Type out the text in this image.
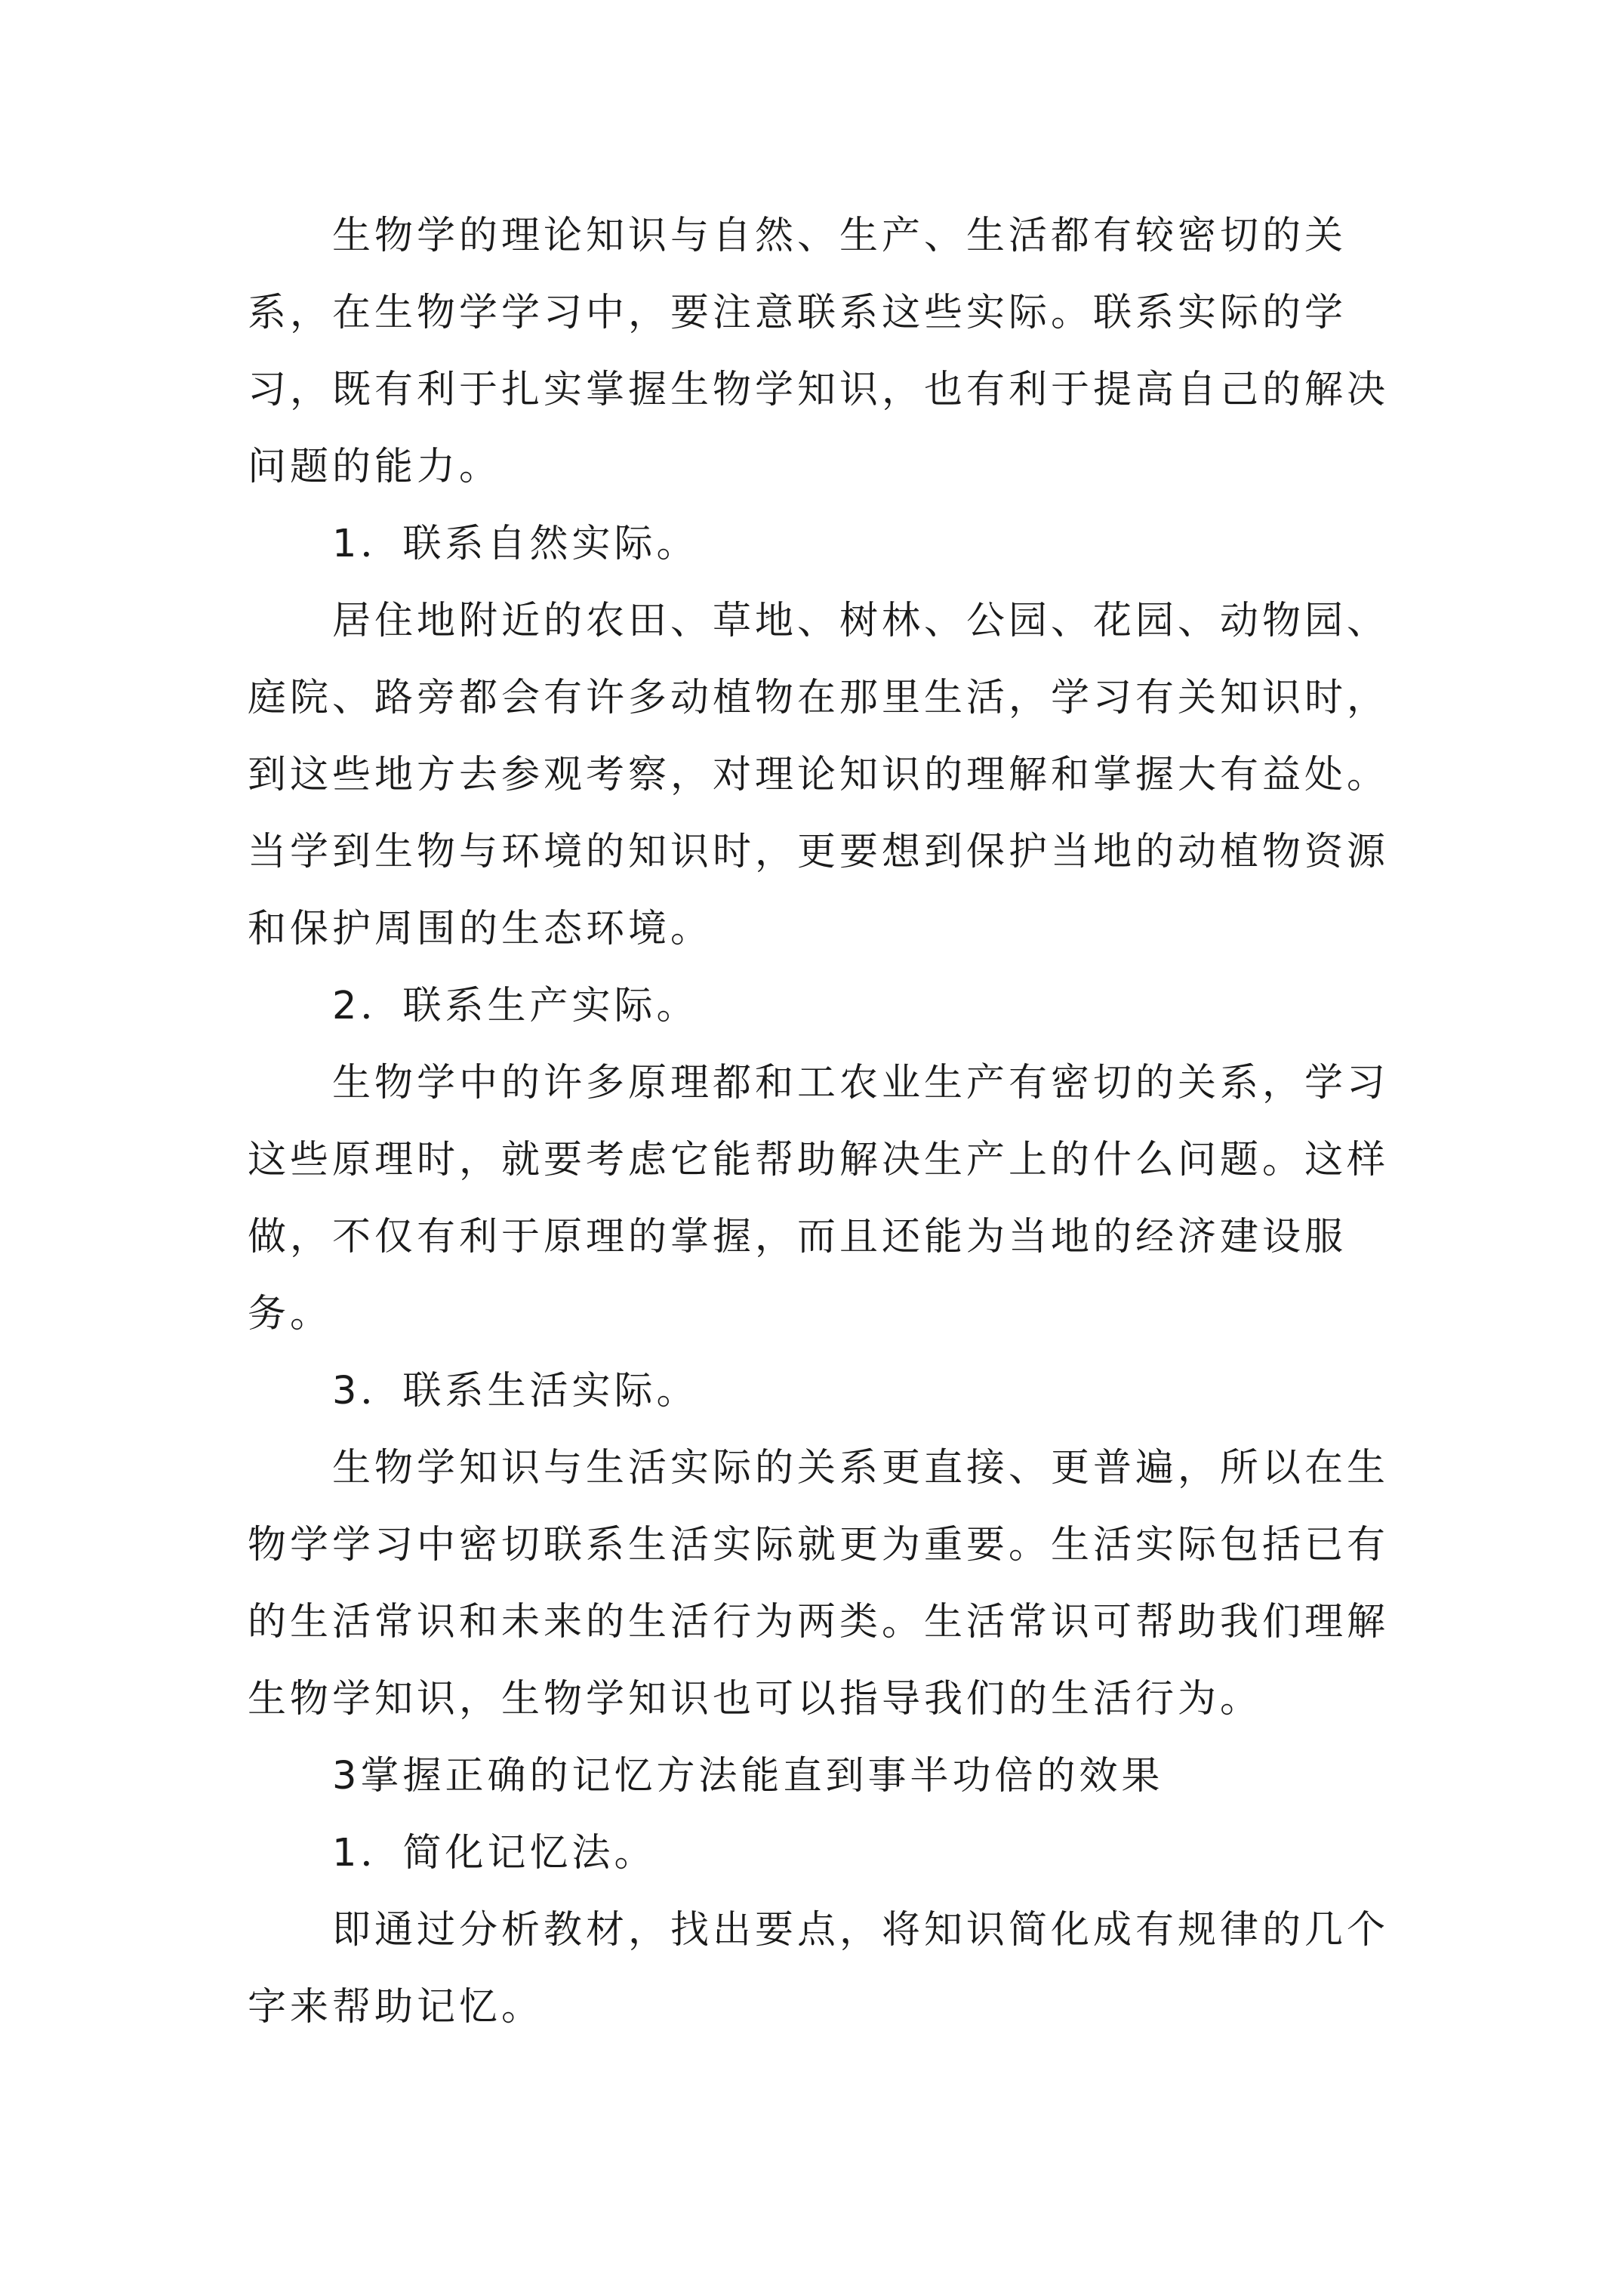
生物学的理论知识与自然、生产、生活都有较密切的关系，在生物学学习中，要注意联系这些实际。联系实际的学习，既有利于扎实掌握生物学知识，也有利于提高自己的解决问题的能力。

1．联系自然实际。

居住地附近的农田、草地、树林、公园、花园、动物园、庭院、路旁都会有许多动植物在那里生活，学习有关知识时，到这些地方去参观考察，对理论知识的理解和掌握大有益处。当学到生物与环境的知识时，更要想到保护当地的动植物资源和保护周围的生态环境。

2．联系生产实际。

生物学中的许多原理都和工农业生产有密切的关系，学习这些原理时，就要考虑它能帮助解决生产上的什么问题。这样做，不仅有利于原理的掌握，而且还能为当地的经济建设服务。

3．联系生活实际。

生物学知识与生活实际的关系更直接、更普遍，所以在生物学学习中密切联系生活实际就更为重要。生活实际包括已有的生活常识和未来的生活行为两类。生活常识可帮助我们理解生物学知识，生物学知识也可以指导我们的生活行为。

3掌握正确的记忆方法能直到事半功倍的效果

1．简化记忆法。

即通过分析教材，找出要点，将知识简化成有规律的几个字来帮助记忆。
